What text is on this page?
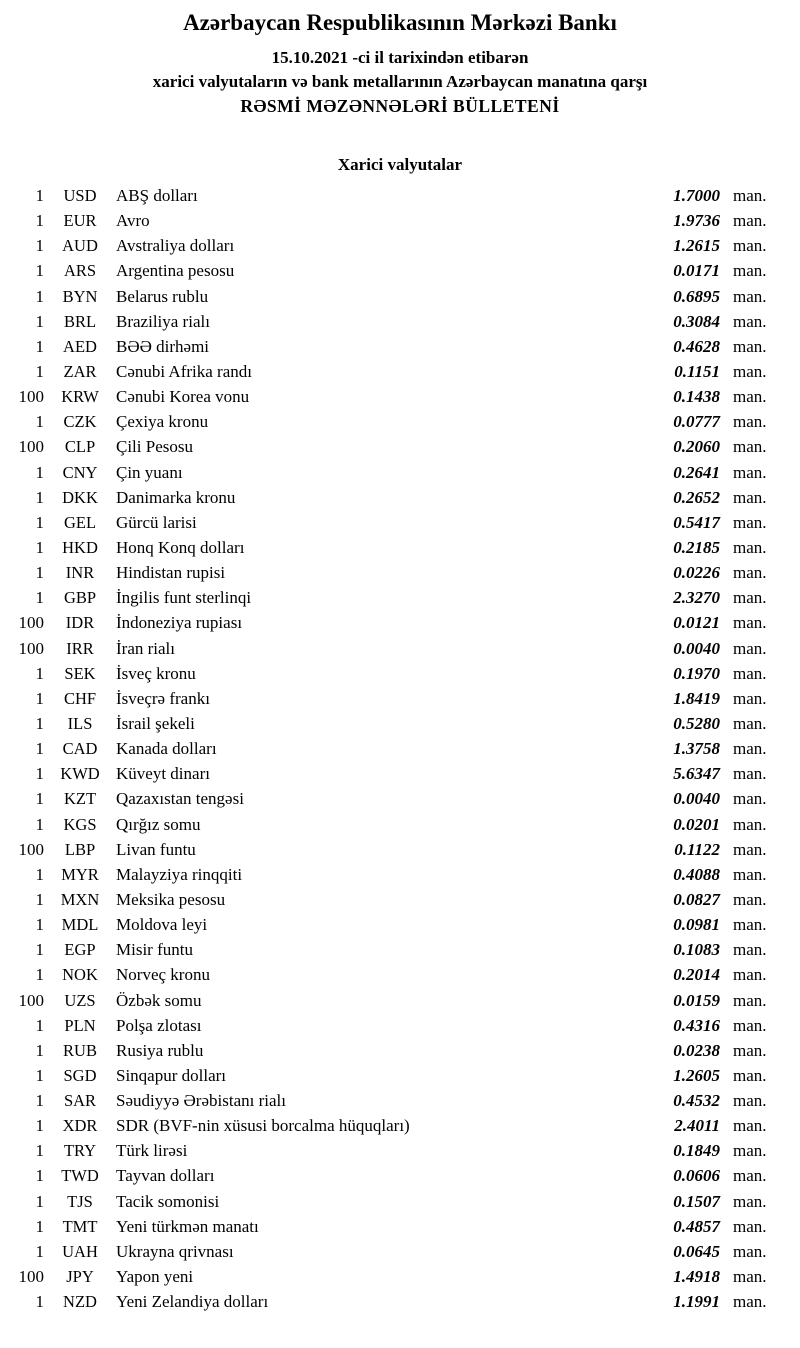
Azərbaycan Respublikasının Mərkəzi Bankı

15.10.2021 -ci il tarixindən etibarən

xarici valyutaların və bank metallarının Azərbaycan manatına qarşı

RƏSMİ MƏZƏNNƏLƏRİ BÜLLETENİ

Xarici valyutalar
1	USD	ABŞ dolları	1.7000 man.
1	EUR	Avro	1.9736 man.
1	AUD	Avstraliya dolları	1.2615 man.
1	ARS	Argentina pesosu	0.0171 man.
1	BYN	Belarus rublu	0.6895 man.
1	BRL	Braziliya rialı	0.3084 man.
1	AED	BƏƏ dirhəmi	0.4628 man.
1	ZAR	Cənubi Afrika randı	0.1151 man.
100	KRW	Cənubi Korea vonu	0.1438 man.
1	CZK	Çexiya kronu	0.0777 man.
100	CLP	Çili Pesosu	0.2060 man.
1	CNY	Çin yuanı	0.2641 man.
1	DKK	Danimarka kronu	0.2652 man.
1	GEL	Gürcü larisi	0.5417 man.
1	HKD	Honq Konq dolları	0.2185 man.
1	INR	Hindistan rupisi	0.0226 man.
1	GBP	İngilis funt sterlinqi	2.3270 man.
100	IDR	İndoneziya rupiası	0.0121 man.
100	IRR	İran rialı	0.0040 man.
1	SEK	İsveç kronu	0.1970 man.
1	CHF	İsveçrə frankı	1.8419 man.
1	ILS	İsrail şekeli	0.5280 man.
1	CAD	Kanada dolları	1.3758 man.
1 KWD Küveyt dinarı	5.6347 man.
1	KZT	Qazaxıstan tengəsi	0.0040 man.
1	KGS	Qırğız somu	0.0201 man.
100	LBP	Livan funtu	0.1122 man.
1	MYR	Malayziya rinqqiti	0.4088 man.
1	MXN Meksika pesosu	0.0827 man.
1	MDL	Moldova leyi	0.0981 man.
1	EGP	Misir funtu	0.1083 man.
1	NOK	Norveç kronu	0.2014 man.
100	UZS	Özbək somu	0.0159 man.
1	PLN	Polşa zlotası	0.4316 man.
1	RUB	Rusiya rublu	0.0238 man.
1	SGD	Sinqapur dolları	1.2605 man.
1	SAR	Səudiyyə Ərəbistanı rialı	0.4532 man.
1	XDR	SDR (BVF-nin xüsusi borcalma hüquqları)	2.4011 man.
1	TRY	Türk lirəsi	0.1849 man.
1	TWD	Tayvan dolları	0.0606 man.
1	TJS	Tacik somonisi	0.1507 man.
1	TMT	Yeni türkmən manatı	0.4857 man.
1	UAH	Ukrayna qrivnası	0.0645 man.
100	JPY	Yapon yeni	1.4918 man.
1	NZD	Yeni Zelandiya dolları	1.1991 man.
